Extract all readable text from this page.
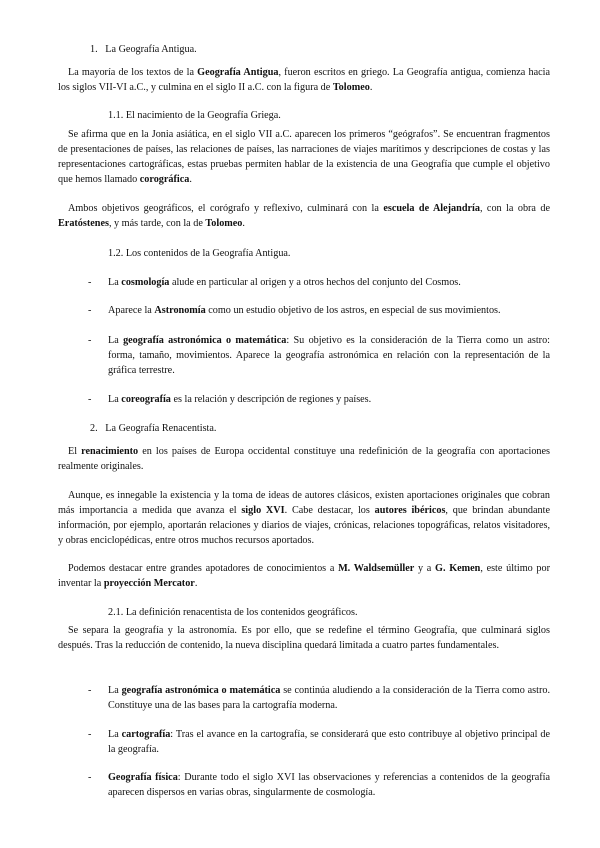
1. La Geografía Antigua.
La mayoría de los textos de la Geografía Antigua, fueron escritos en griego. La Geografía antigua, comienza hacia los siglos VII-VI a.C., y culmina en el siglo II a.C. con la figura de Tolomeo.
1.1. El nacimiento de la Geografía Griega.
Se afirma que en la Jonia asiática, en el siglo VII a.C. aparecen los primeros “geógrafos”. Se encuentran fragmentos de presentaciones de países, las relaciones de países, las narraciones de viajes marítimos y descripciones de costas y las representaciones cartográficas, estas pruebas permiten hablar de la existencia de una Geografía que cumple el objetivo que hemos llamado corográfica.
Ambos objetivos geográficos, el corógrafo y reflexivo, culminará con la escuela de Alejandría, con la obra de Eratóstenes, y más tarde, con la de Tolomeo.
1.2. Los contenidos de la Geografía Antigua.
- La cosmología alude en particular al origen y a otros hechos del conjunto del Cosmos.
- Aparece la Astronomía como un estudio objetivo de los astros, en especial de sus movimientos.
- La geografía astronómica o matemática: Su objetivo es la consideración de la Tierra como un astro: forma, tamaño, movimientos. Aparece la geografía astronómica en relación con la representación de la gráfica terrestre.
- La coreografía es la relación y descripción de regiones y países.
2. La Geografía Renacentista.
El renacimiento en los países de Europa occidental constituye una redefinición de la geografía con aportaciones realmente originales.
Aunque, es innegable la existencia y la toma de ideas de autores clásicos, existen aportaciones originales que cobran más importancia a medida que avanza el siglo XVI. Cabe destacar, los autores ibéricos, que brindan abundante información, por ejemplo, aportarán relaciones y diarios de viajes, crónicas, relaciones topográficas, relatos visitadores, y obras enciclopédicas, entre otros muchos recursos aportados.
Podemos destacar entre grandes apotadores de conocimientos a M. Waldsemüller y a G. Kemen, este último por inventar la proyección Mercator.
2.1. La definición renacentista de los contenidos geográficos.
Se separa la geografía y la astronomía. Es por ello, que se redefine el término Geografía, que culminará siglos después. Tras la reducción de contenido, la nueva disciplina quedará limitada a cuatro partes fundamentales.
- La geografía astronómica o matemática se continúa aludiendo a la consideración de la Tierra como astro. Constituye una de las bases para la cartografía moderna.
- La cartografía: Tras el avance en la cartografía, se considerará que esto contribuye al objetivo principal de la geografía.
- Geografía física: Durante todo el siglo XVI las observaciones y referencias a contenidos de la geografía aparecen dispersos en varias obras, singularmente de cosmología.
